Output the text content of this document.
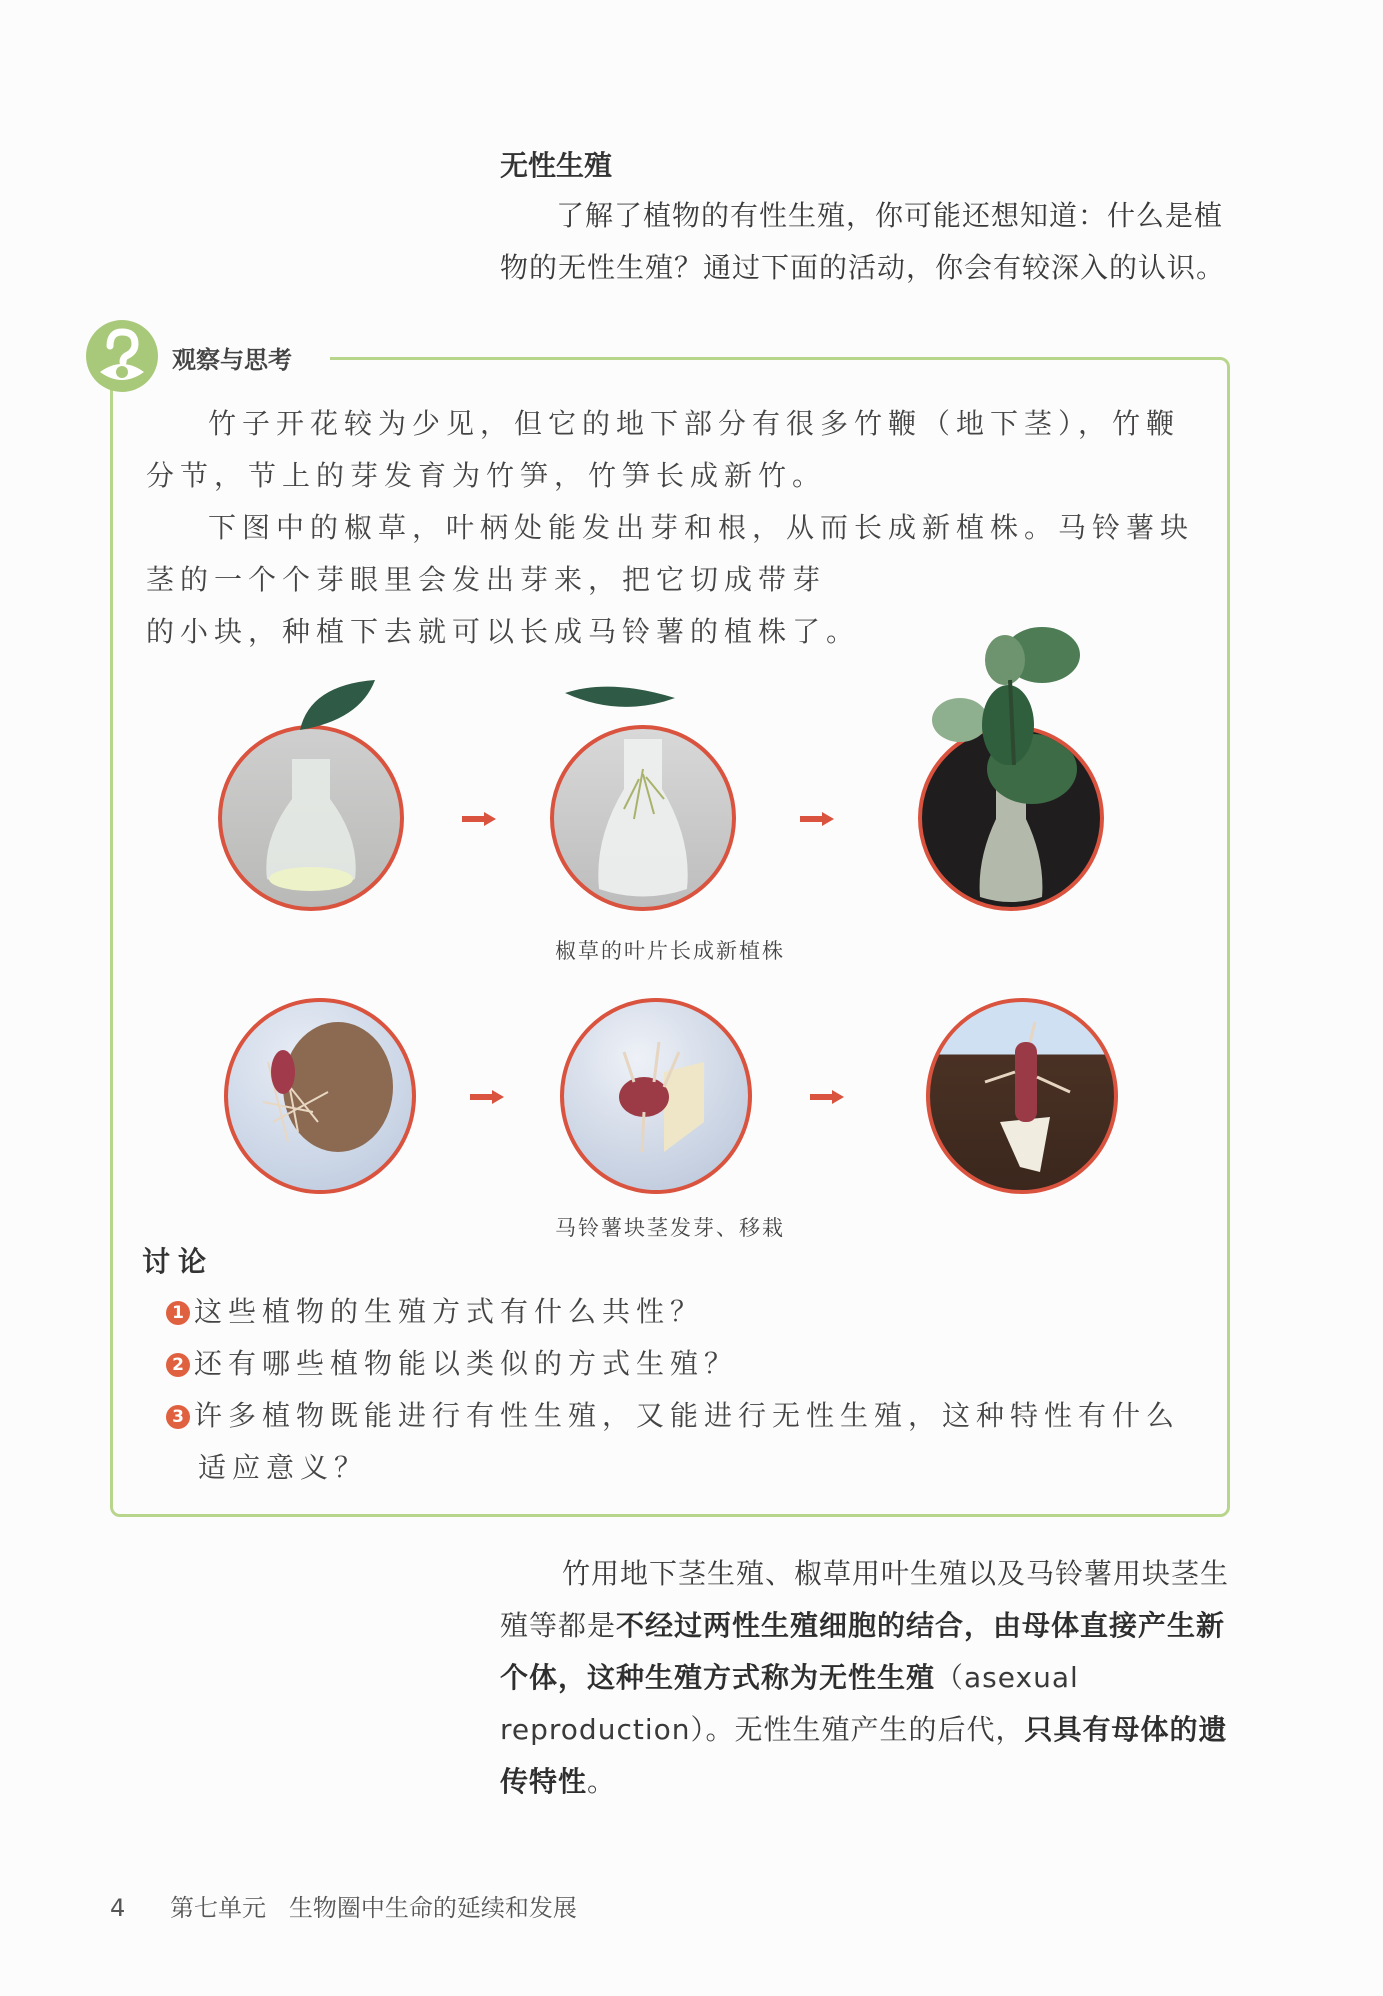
无性生殖
了解了植物的有性生殖，你可能还想知道：什么是植物的无性生殖？通过下面的活动，你会有较深入的认识。
观察与思考
竹子开花较为少见，但它的地下部分有很多竹鞭（地下茎），竹鞭分节，节上的芽发育为竹笋，竹笋长成新竹。
下图中的椒草，叶柄处能发出芽和根，从而长成新植株。马铃薯块茎的一个个芽眼里会发出芽来，把它切成带芽
的小块，种植下去就可以长成马铃薯的植株了。
椒草的叶片长成新植株
马铃薯块茎发芽、移栽
讨论
1 这些植物的生殖方式有什么共性？
2 还有哪些植物能以类似的方式生殖？
3 许多植物既能进行有性生殖，又能进行无性生殖，这种特性有什么
适应意义？
竹用地下茎生殖、椒草用叶生殖以及马铃薯用块茎生殖等都是不经过两性生殖细胞的结合，由母体直接产生新个体，这种生殖方式称为无性生殖（asexual reproduction）。无性生殖产生的后代，只具有母体的遗传特性。
4 第七单元 生物圈中生命的延续和发展
